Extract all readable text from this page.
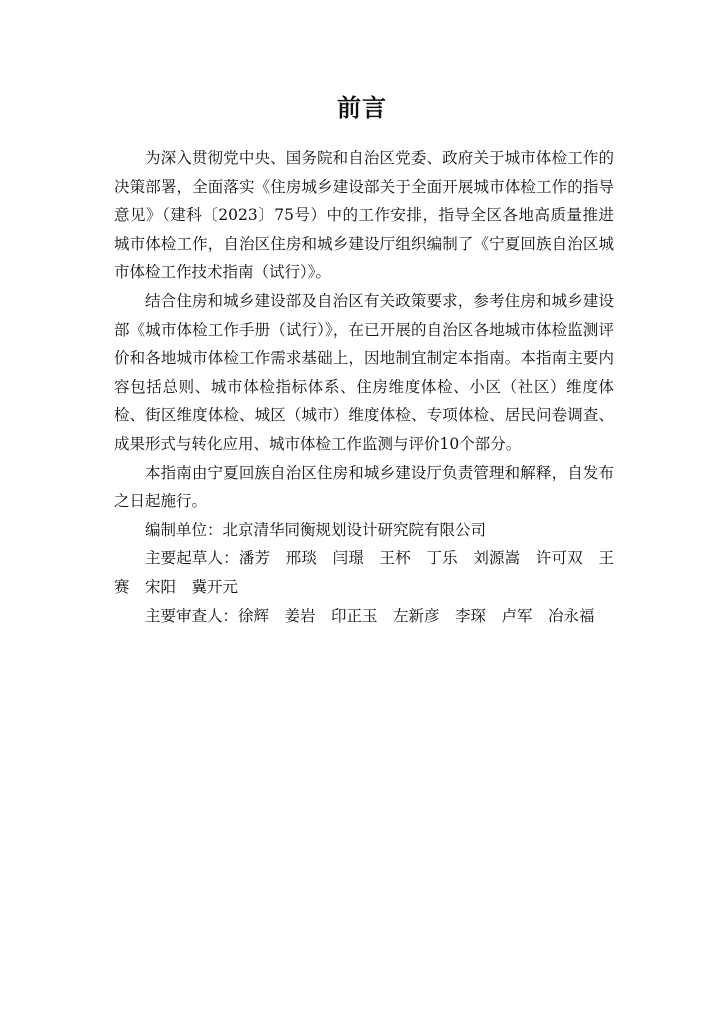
前言

为深入贯彻党中央、国务院和自治区党委、政府关于城市体检工作的决策部署，全面落实《住房城乡建设部关于全面开展城市体检工作的指导意见》（建科〔2023〕75号）中的工作安排，指导全区各地高质量推进城市体检工作，自治区住房和城乡建设厅组织编制了《宁夏回族自治区城市体检工作技术指南（试行）》。

结合住房和城乡建设部及自治区有关政策要求，参考住房和城乡建设部《城市体检工作手册（试行）》，在已开展的自治区各地城市体检监测评价和各地城市体检工作需求基础上，因地制宜制定本指南。本指南主要内容包括总则、城市体检指标体系、住房维度体检、小区（社区）维度体检、街区维度体检、城区（城市）维度体检、专项体检、居民问卷调查、成果形式与转化应用、城市体检工作监测与评价10个部分。

本指南由宁夏回族自治区住房和城乡建设厅负责管理和解释，自发布之日起施行。

编制单位：北京清华同衡规划设计研究院有限公司

主要起草人：潘芳　邢琰　闫璟　王杯　丁乐　刘源嵩　许可双　王赛　宋阳　冀开元

主要审查人：徐辉　姜岩　印正玉　左新彦　李琛　卢军　冶永福
